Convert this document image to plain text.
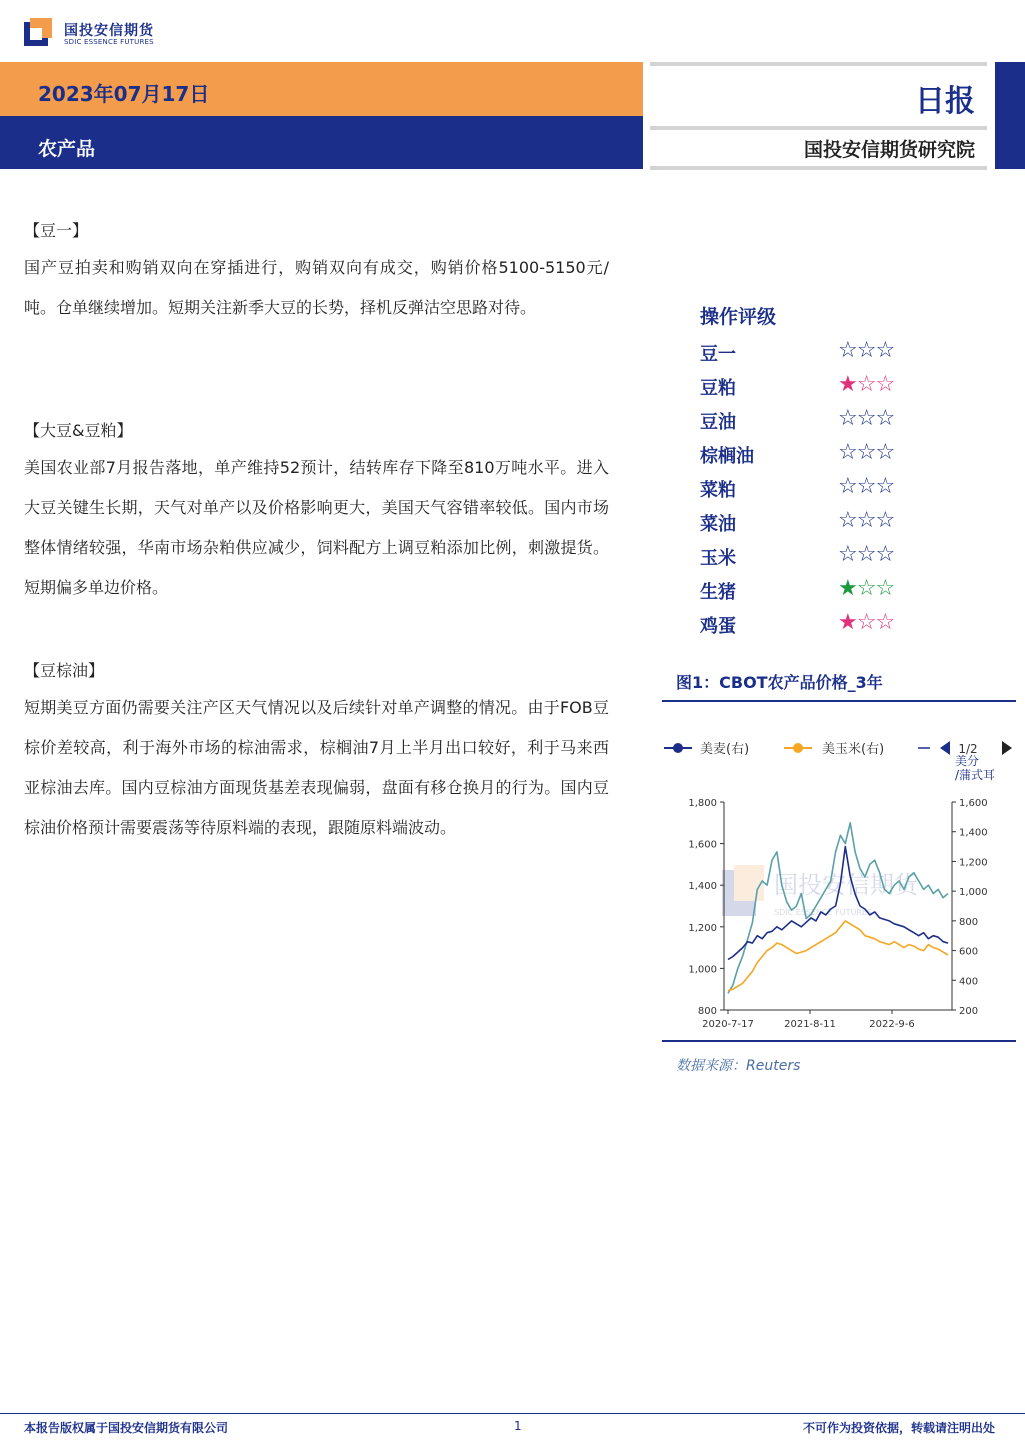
国投安信期货
SDIC ESSENCE FUTURES
2023年07月17日
农产品
日报
国投安信期货研究院
【豆一】
国产豆拍卖和购销双向在穿插进行，购销双向有成交，购销价格5100-5150元/吨。仓单继续增加。短期关注新季大豆的长势，择机反弹沽空思路对待。
【大豆&豆粕】
美国农业部7月报告落地，单产维持52预计，结转库存下降至810万吨水平。进入大豆关键生长期，天气对单产以及价格影响更大，美国天气容错率较低。国内市场整体情绪较强，华南市场杂粕供应减少，饲料配方上调豆粕添加比例，刺激提货。短期偏多单边价格。
【豆棕油】
短期美豆方面仍需要关注产区天气情况以及后续针对单产调整的情况。由于FOB豆棕价差较高，利于海外市场的棕油需求，棕榈油7月上半月出口较好，利于马来西亚棕油去库。国内豆棕油方面现货基差表现偏弱，盘面有移仓换月的行为。国内豆棕油价格预计需要震荡等待原料端的表现，跟随原料端波动。
操作评级
豆一	☆☆☆
豆粕	★☆☆
豆油	☆☆☆
棕榈油	☆☆☆
菜粕	☆☆☆
菜油	☆☆☆
玉米	☆☆☆
生猪	★☆☆
鸡蛋	★☆☆
图1：CBOT农产品价格_3年
美麦(右)	美玉米(右)	1/2
美分
/蒲式耳
国投安信期货
SDIC ESSENCE FUTURES
800
1,000
1,200
1,400
1,600
1,800
200
400
600
800
1,000
1,200
1,400
1,600
2020-7-17	2021-8-11	2022-9-6
数据来源：Reuters
本报告版权属于国投安信期货有限公司	1	不可作为投资依据，转载请注明出处
